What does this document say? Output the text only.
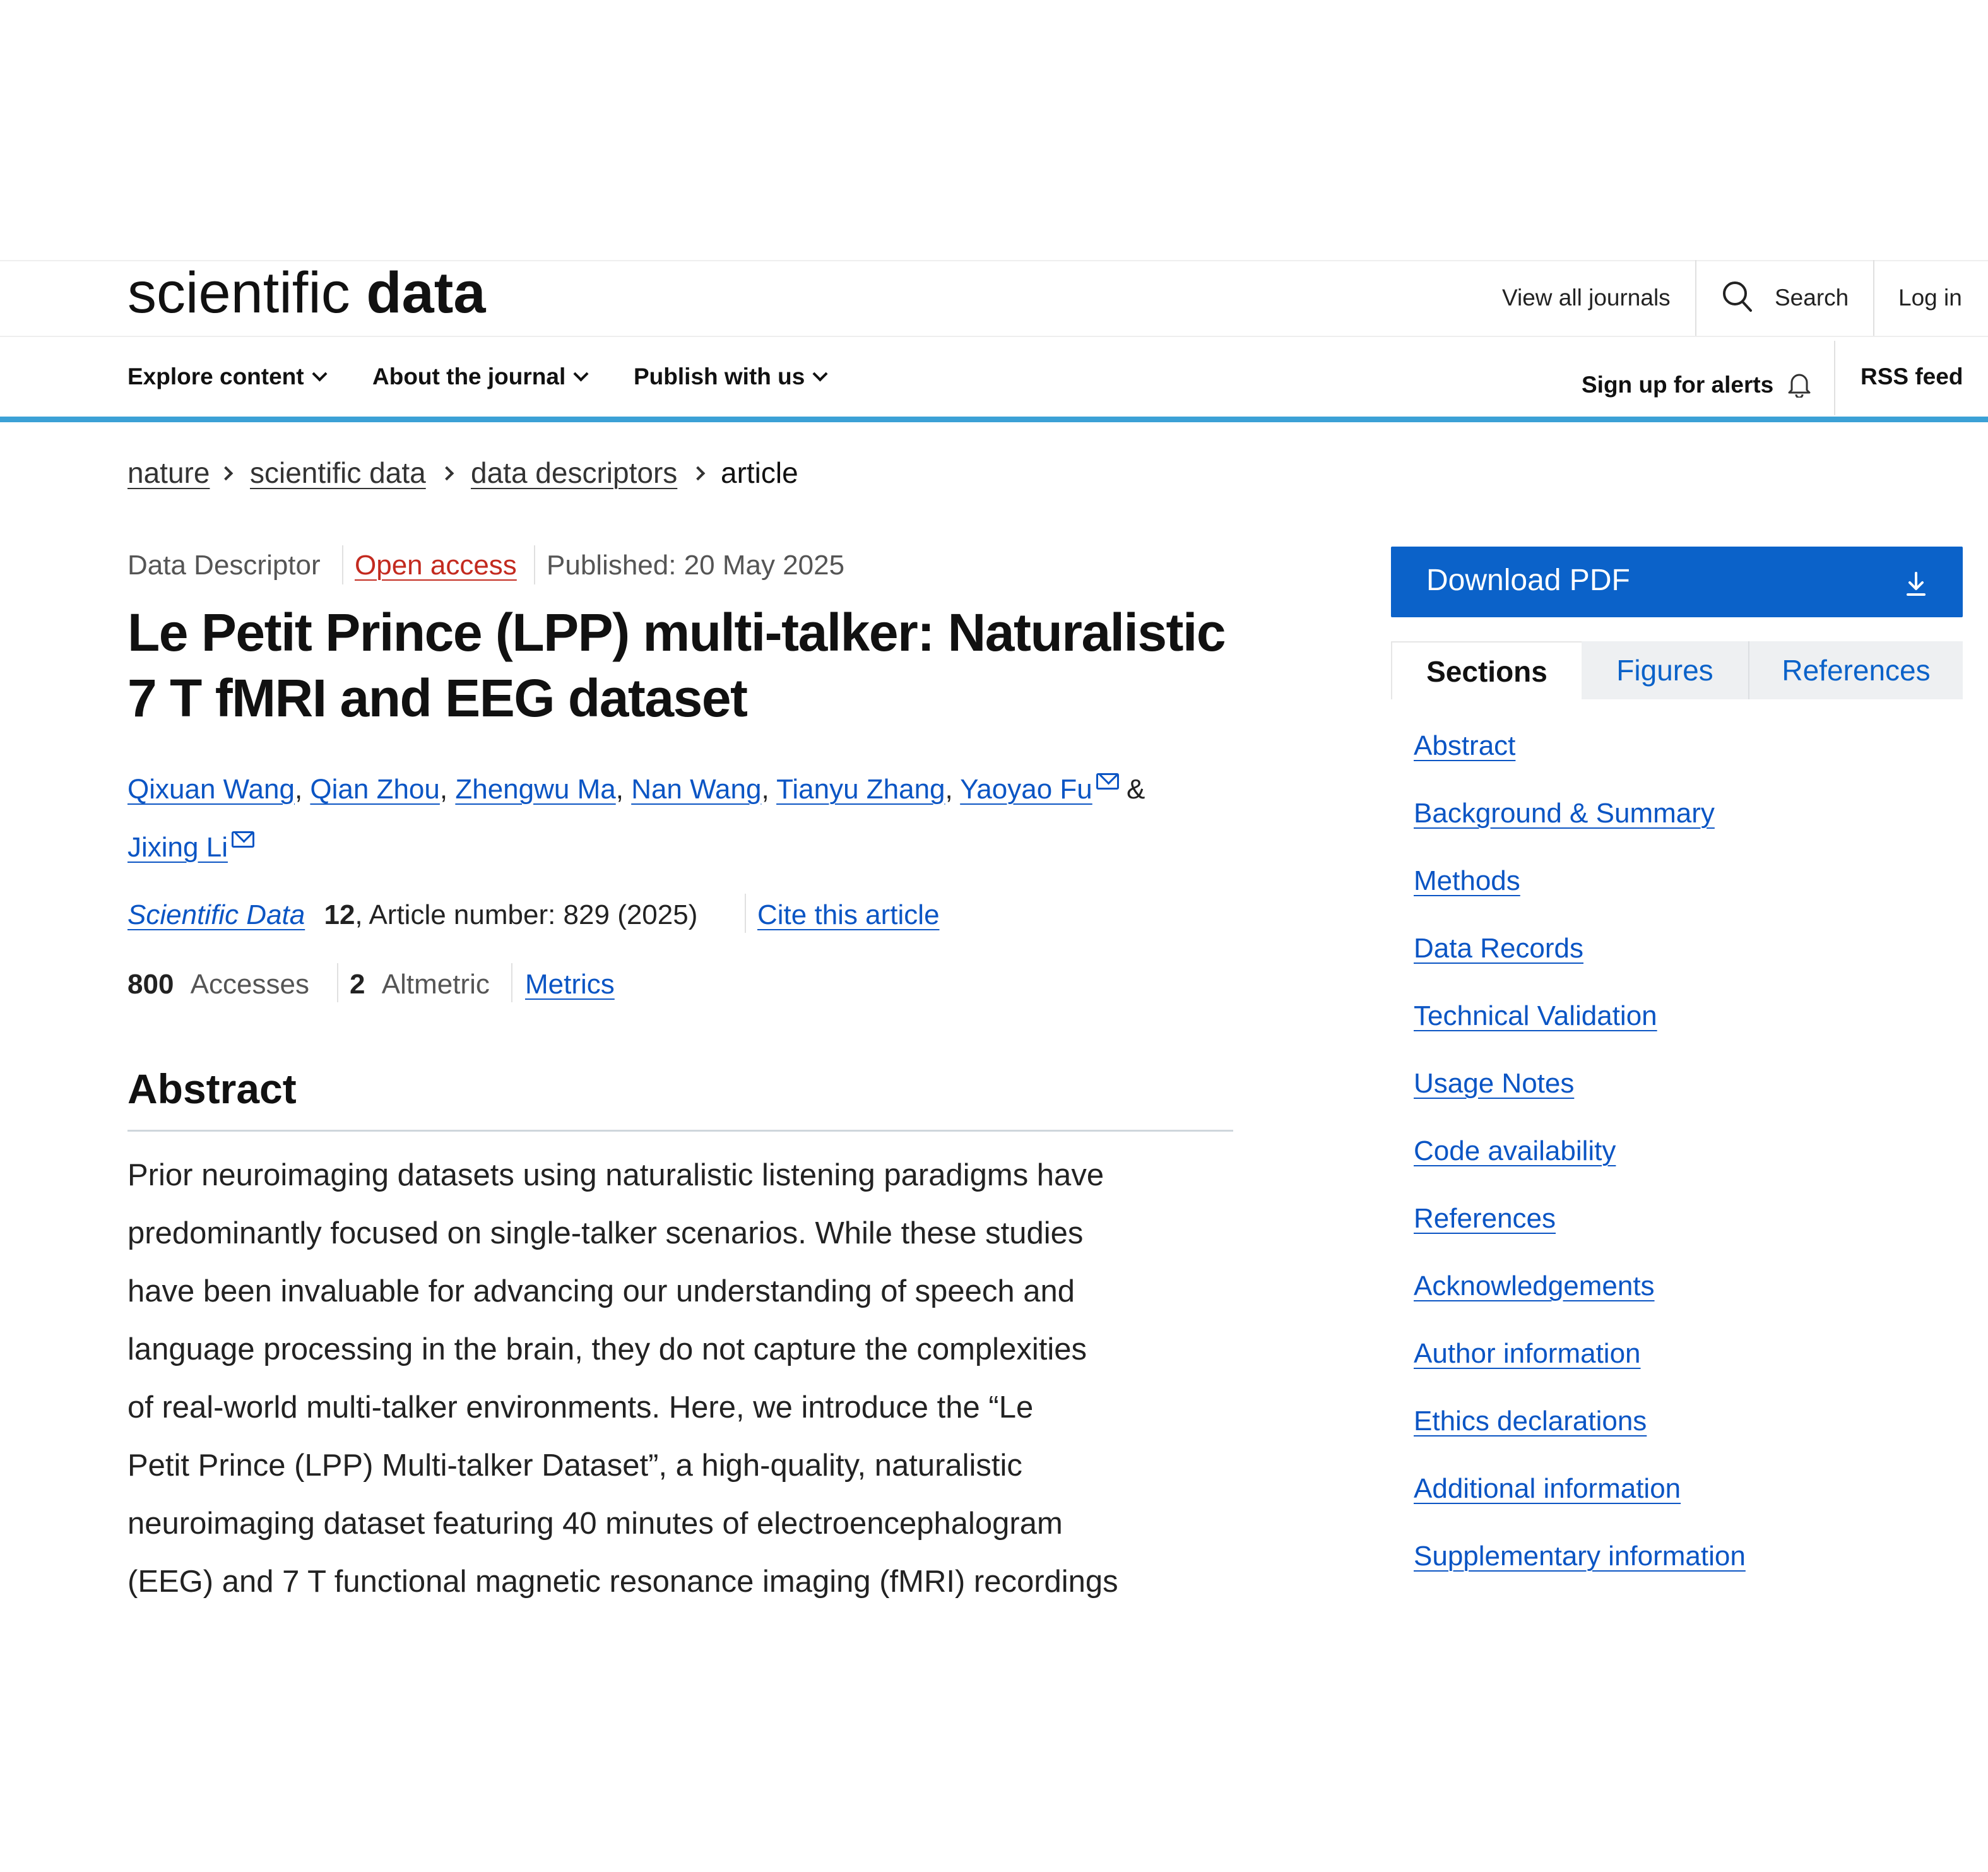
scientific data	View all journals	Search Log in
Explore content	About the journal	Publish with us	Sign up for alerts	RSS feed
nature scientific data data descriptors article
Data Descriptor Open access Published: 20 May 2025
Le Petit Prince (LPP) multi-talker: Naturalistic 7 T fMRI and EEG dataset
Qixuan Wang, Qian Zhou, Zhengwu Ma, Nan Wang, Tianyu Zhang, Yaoyao Fu &
Jixing Li
Scientific Data 12, Article number: 829 (2025) Cite this article
800 Accesses 2 Altmetric Metrics
Abstract
Prior neuroimaging datasets using naturalistic listening paradigms have
predominantly focused on single-talker scenarios. While these studies
have been invaluable for advancing our understanding of speech and
language processing in the brain, they do not capture the complexities
of real-world multi-talker environments. Here, we introduce the “Le
Petit Prince (LPP) Multi-talker Dataset”, a high-quality, naturalistic
neuroimaging dataset featuring 40 minutes of electroencephalogram
(EEG) and 7 T functional magnetic resonance imaging (fMRI) recordings
Download PDF
Sections	Figures	References
Abstract
Background & Summary
Methods
Data Records
Technical Validation
Usage Notes
Code availability
References
Acknowledgements
Author information
Ethics declarations
Additional information
Supplementary information
